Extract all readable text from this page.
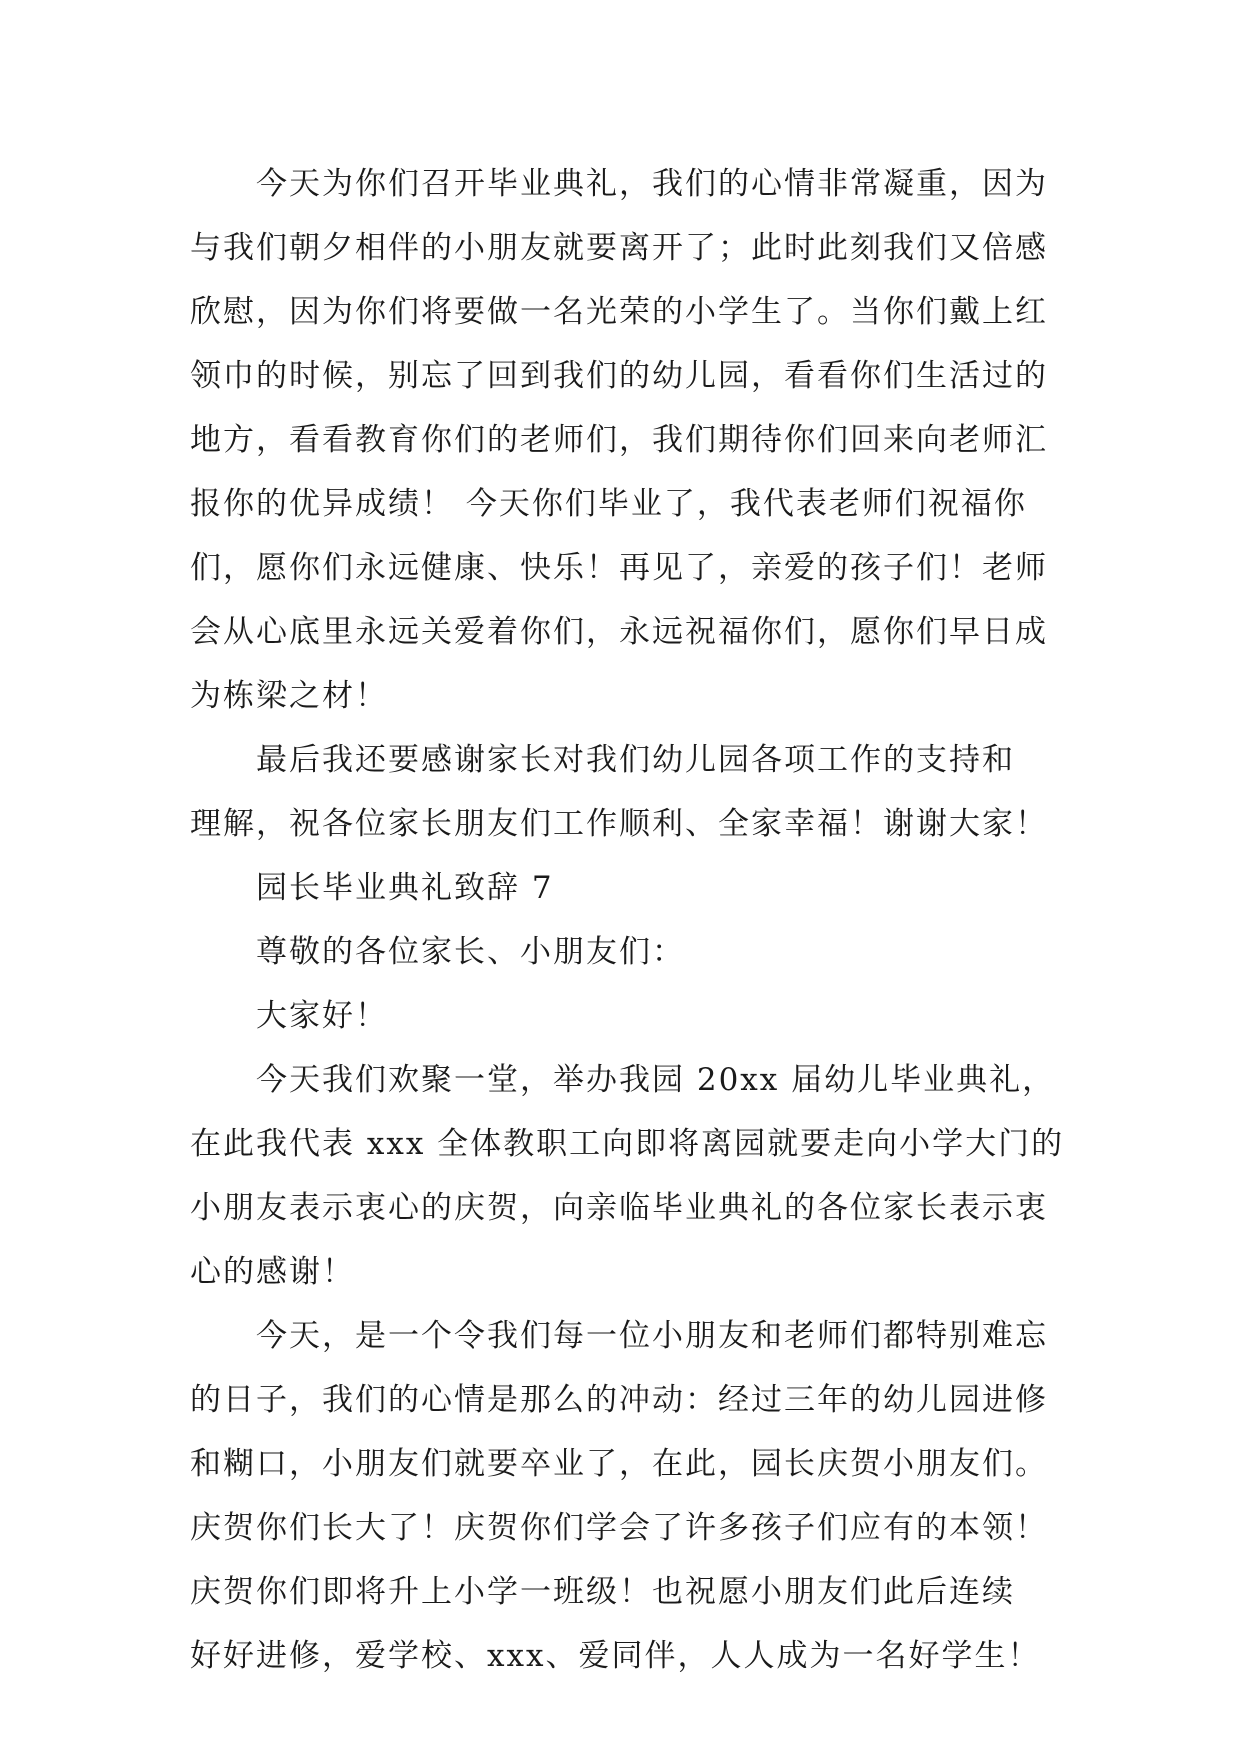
今天为你们召开毕业典礼，我们的心情非常凝重，因为
与我们朝夕相伴的小朋友就要离开了；此时此刻我们又倍感
欣慰，因为你们将要做一名光荣的小学生了。当你们戴上红
领巾的时候，别忘了回到我们的幼儿园，看看你们生活过的
地方，看看教育你们的老师们，我们期待你们回来向老师汇
报你的优异成绩！ 今天你们毕业了，我代表老师们祝福你
们，愿你们永远健康、快乐！再见了，亲爱的孩子们！老师
会从心底里永远关爱着你们，永远祝福你们，愿你们早日成
为栋梁之材！
最后我还要感谢家长对我们幼儿园各项工作的支持和
理解，祝各位家长朋友们工作顺利、全家幸福！谢谢大家！
园长毕业典礼致辞 7
尊敬的各位家长、小朋友们：
大家好！
今天我们欢聚一堂，举办我园 20xx 届幼儿毕业典礼，
在此我代表 xxx 全体教职工向即将离园就要走向小学大门的
小朋友表示衷心的庆贺，向亲临毕业典礼的各位家长表示衷
心的感谢！
今天，是一个令我们每一位小朋友和老师们都特别难忘
的日子，我们的心情是那么的冲动：经过三年的幼儿园进修
和糊口，小朋友们就要卒业了，在此，园长庆贺小朋友们。
庆贺你们长大了！庆贺你们学会了许多孩子们应有的本领！
庆贺你们即将升上小学一班级！也祝愿小朋友们此后连续
好好进修，爱学校、xxx、爱同伴，人人成为一名好学生！
